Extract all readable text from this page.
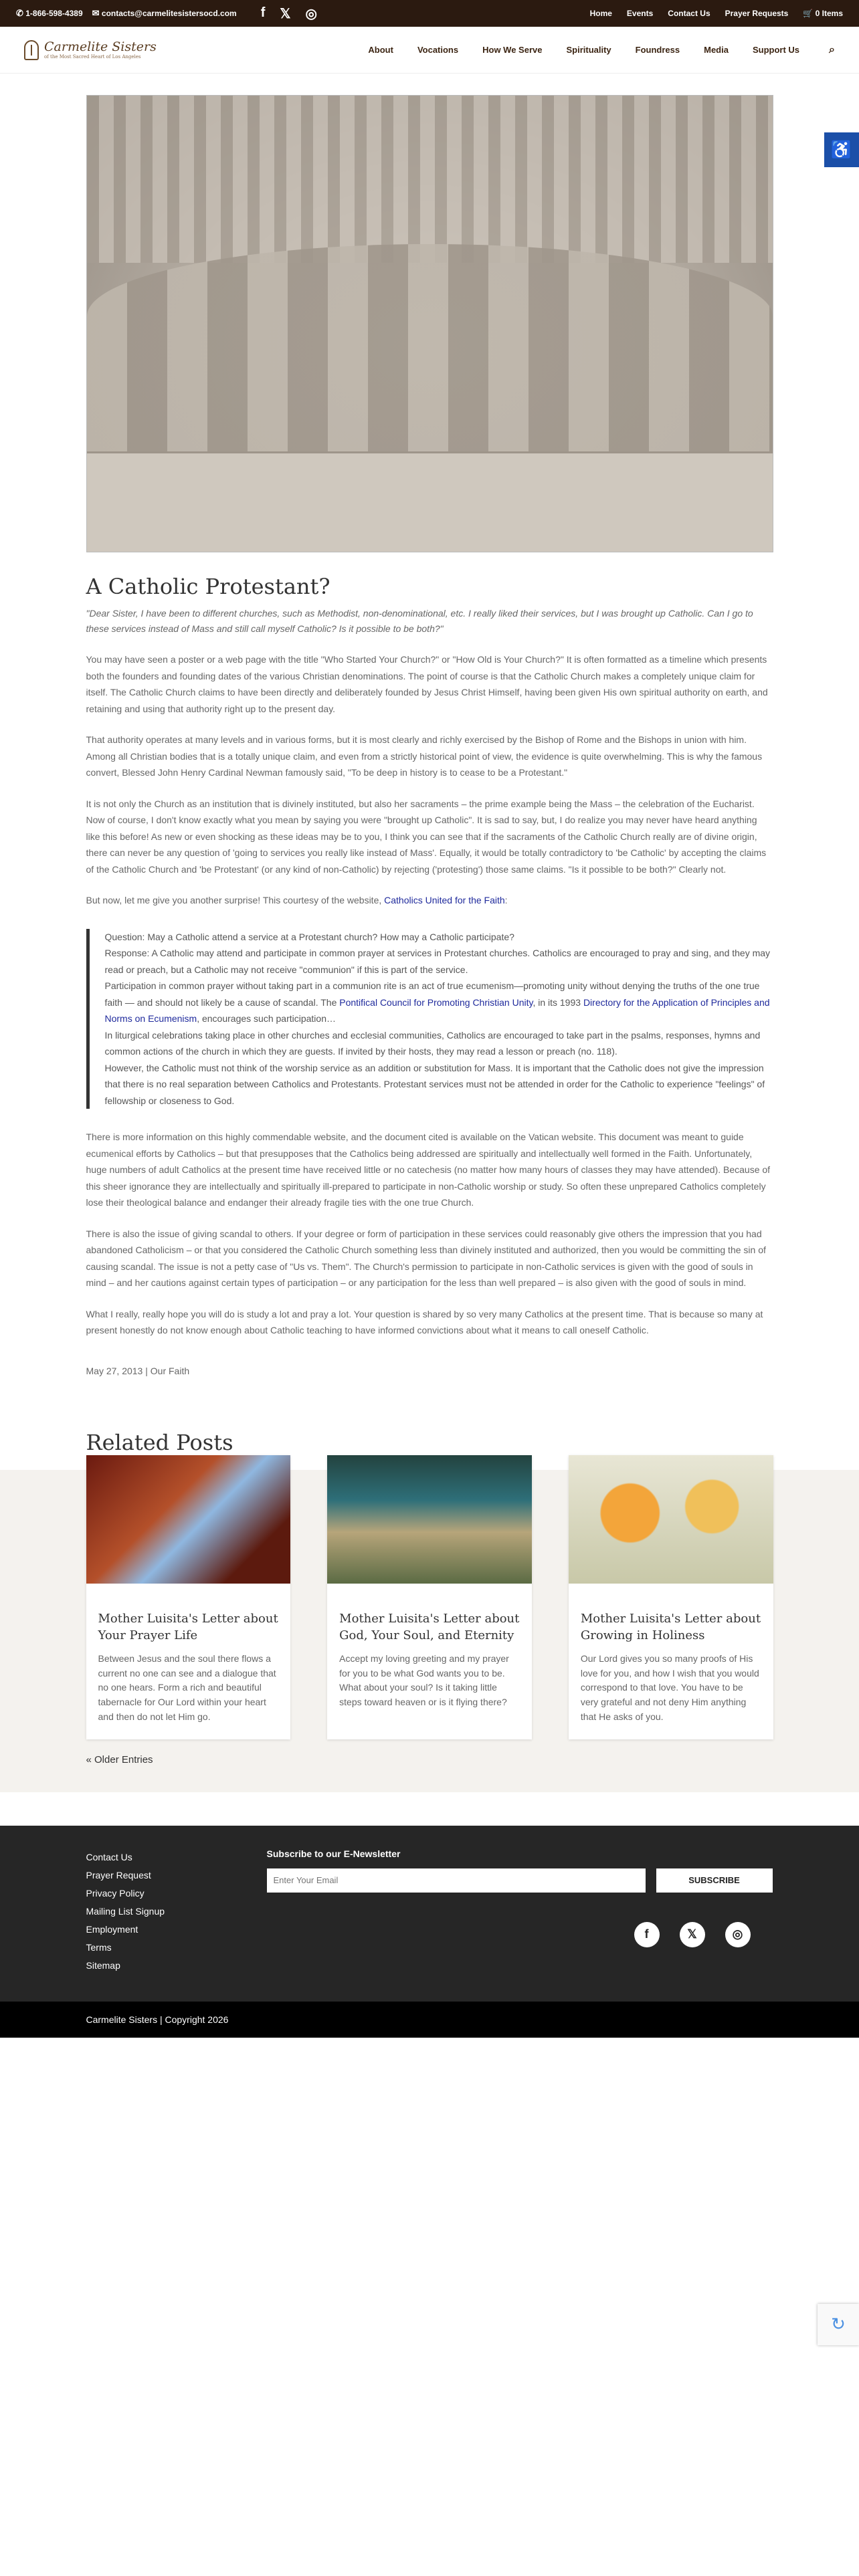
✆ 1-866-598-4389 ✉ contacts@carmelitesistersocd.com f 𝕏 ◎	Home Events Contact Us Prayer Requests 🛒 0 Items
Carmelite Sisters
of the Most Sacred Heart of Los Angeles
About	Vocations	How We Serve	Spirituality	Foundress	Media	Support Us	⌕
♿
A Catholic Protestant?

"Dear Sister, I have been to different churches, such as Methodist, non-denominational, etc. I really liked their services, but I was brought up Catholic. Can I go to these services instead of Mass and still call myself Catholic? Is it possible to be both?"

You may have seen a poster or a web page with the title "Who Started Your Church?" or "How Old is Your Church?" It is often formatted as a timeline which presents both the founders and founding dates of the various Christian denominations. The point of course is that the Catholic Church makes a completely unique claim for itself. The Catholic Church claims to have been directly and deliberately founded by Jesus Christ Himself, having been given His own spiritual authority on earth, and retaining and using that authority right up to the present day.

That authority operates at many levels and in various forms, but it is most clearly and richly exercised by the Bishop of Rome and the Bishops in union with him. Among all Christian bodies that is a totally unique claim, and even from a strictly historical point of view, the evidence is quite overwhelming. This is why the famous convert, Blessed John Henry Cardinal Newman famously said, "To be deep in history is to cease to be a Protestant."

It is not only the Church as an institution that is divinely instituted, but also her sacraments – the prime example being the Mass – the celebration of the Eucharist. Now of course, I don't know exactly what you mean by saying you were "brought up Catholic". It is sad to say, but, I do realize you may never have heard anything like this before! As new or even shocking as these ideas may be to you, I think you can see that if the sacraments of the Catholic Church really are of divine origin, there can never be any question of 'going to services you really like instead of Mass'. Equally, it would be totally contradictory to 'be Catholic' by accepting the claims of the Catholic Church and 'be Protestant' (or any kind of non-Catholic) by rejecting ('protesting') those same claims. "Is it possible to be both?" Clearly not.

But now, let me give you another surprise! This courtesy of the website, Catholics United for the Faith:

Question: May a Catholic attend a service at a Protestant church? How may a Catholic participate?
Response: A Catholic may attend and participate in common prayer at services in Protestant churches. Catholics are encouraged to pray and sing, and they may read or preach, but a Catholic may not receive "communion" if this is part of the service.
Participation in common prayer without taking part in a communion rite is an act of true ecumenism—promoting unity without denying the truths of the one true faith — and should not likely be a cause of scandal. The Pontifical Council for Promoting Christian Unity, in its 1993 Directory for the Application of Principles and Norms on Ecumenism, encourages such participation…
In liturgical celebrations taking place in other churches and ecclesial communities, Catholics are encouraged to take part in the psalms, responses, hymns and common actions of the church in which they are guests. If invited by their hosts, they may read a lesson or preach (no. 118).
However, the Catholic must not think of the worship service as an addition or substitution for Mass. It is important that the Catholic does not give the impression that there is no real separation between Catholics and Protestants. Protestant services must not be attended in order for the Catholic to experience "feelings" of fellowship or closeness to God.

There is more information on this highly commendable website, and the document cited is available on the Vatican website. This document was meant to guide ecumenical efforts by Catholics – but that presupposes that the Catholics being addressed are spiritually and intellectually well formed in the Faith. Unfortunately, huge numbers of adult Catholics at the present time have received little or no catechesis (no matter how many hours of classes they may have attended). Because of this sheer ignorance they are intellectually and spiritually ill-prepared to participate in non-Catholic worship or study. So often these unprepared Catholics completely lose their theological balance and endanger their already fragile ties with the one true Church.

There is also the issue of giving scandal to others. If your degree or form of participation in these services could reasonably give others the impression that you had abandoned Catholicism – or that you considered the Catholic Church something less than divinely instituted and authorized, then you would be committing the sin of causing scandal. The issue is not a petty case of "Us vs. Them". The Church's permission to participate in non-Catholic services is given with the good of souls in mind – and her cautions against certain types of participation – or any participation for the less than well prepared – is also given with the good of souls in mind.

What I really, really hope you will do is study a lot and pray a lot. Your question is shared by so very many Catholics at the present time. That is because so many at present honestly do not know enough about Catholic teaching to have informed convictions about what it means to call oneself Catholic.

May 27, 2013 | Our Faith
Related Posts
Mother Luisita's Letter about Your Prayer Life

Between Jesus and the soul there flows a current no one can see and a dialogue that no one hears. Form a rich and beautiful tabernacle for Our Lord within your heart and then do not let Him go.

Mother Luisita's Letter about God, Your Soul, and Eternity

Accept my loving greeting and my prayer for you to be what God wants you to be. What about your soul? Is it taking little steps toward heaven or is it flying there?

Mother Luisita's Letter about Growing in Holiness

Our Lord gives you so many proofs of His love for you, and how I wish that you would correspond to that love. You have to be very grateful and not deny Him anything that He asks of you.

« Older Entries
Contact Us
Prayer Request
Privacy Policy
Mailing List Signup
Employment
Terms
Sitemap
Subscribe to our E-Newsletter
Enter Your Email
SUBSCRIBE
f	𝕏	◎
Carmelite Sisters | Copyright 2026
↻
